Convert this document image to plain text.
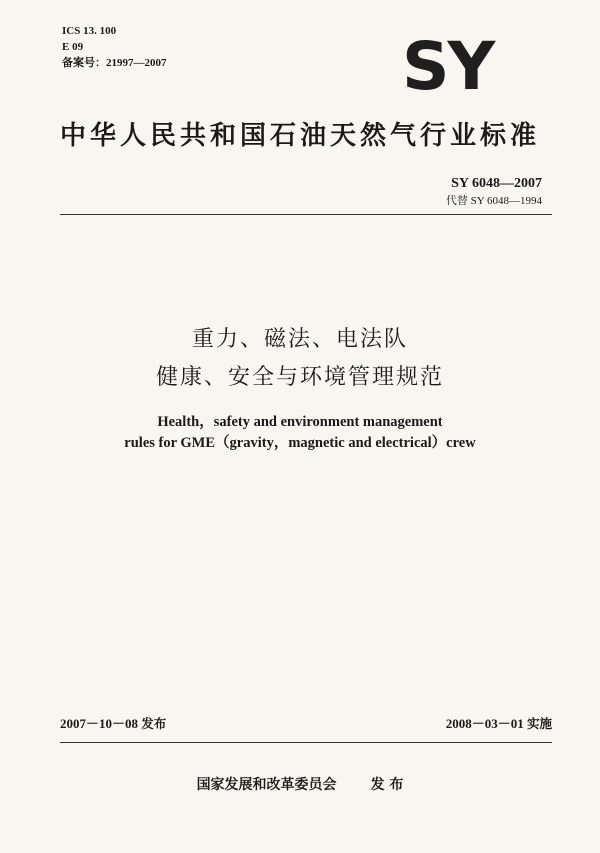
ICS 13. 100
E 09
备案号：21997—2007	SY
中华人民共和国石油天然气行业标准
SY 6048—2007
代替 SY 6048—1994
重力、磁法、电法队
健康、安全与环境管理规范
Health，safety and environment management
rules for GME（gravity，magnetic and electrical）crew
2007－10－08 发布	2008－03－01 实施
国家发展和改革委员会 发 布
